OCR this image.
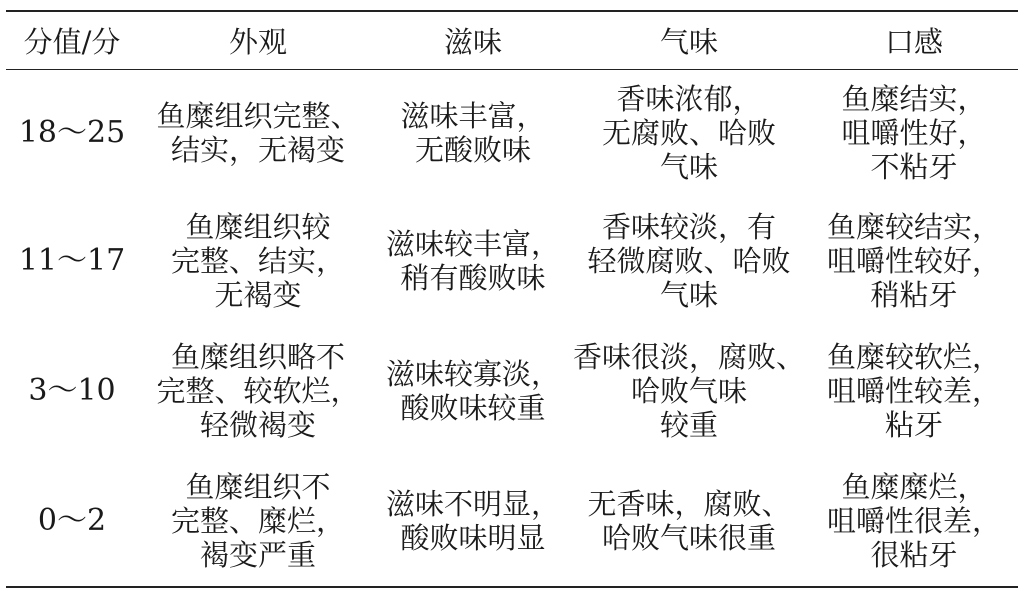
分值/分	外观	滋味	气味	口感
18～25	鱼糜组织完整、
结实，无褐变	滋味丰富，
无酸败味	香味浓郁，
无腐败、哈败
气味	鱼糜结实，
咀嚼性好，
不粘牙

11～17	鱼糜组织较
完整、结实，
无褐变	滋味较丰富，
稍有酸败味	香味较淡，有
轻微腐败、哈败
气味	鱼糜较结实，
咀嚼性较好，
稍粘牙

3～10	鱼糜组织略不
完整、较软烂，
轻微褐变	滋味较寡淡，
酸败味较重	香味很淡，腐败、
哈败气味
较重	鱼糜较软烂，
咀嚼性较差，
粘牙

0～2	鱼糜组织不
完整、糜烂，
褐变严重	滋味不明显，
酸败味明显	无香味，腐败、
哈败气味很重	鱼糜糜烂，
咀嚼性很差，
很粘牙
